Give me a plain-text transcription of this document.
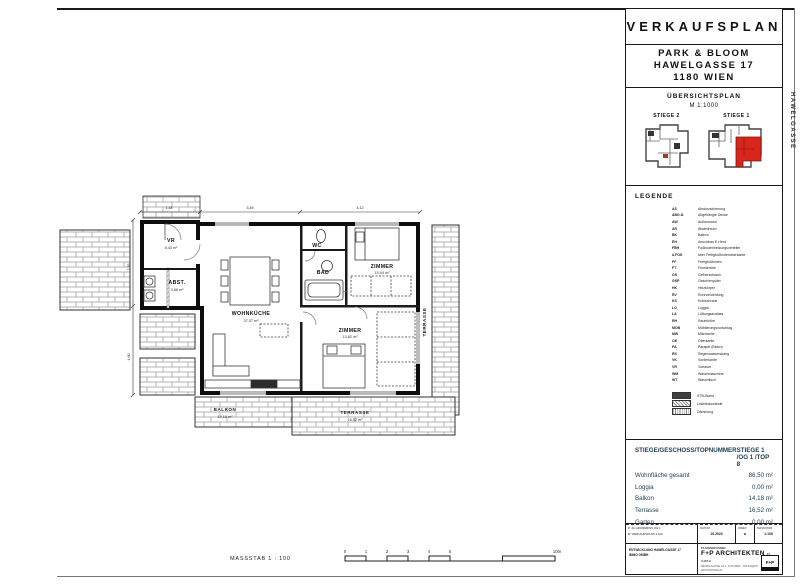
BALKON
14,18 m²
TERRASSE
16,52 m²
TERRASSE
WOHNKÜCHE
37,57 m²
ZIMMER
15,94 m²
ZIMMER
13,82 m²
BAD
WC
VR
8,43 m²
ABST.
3,86 m²
1,48	3,49	4,12
2,35
4,60
MASSSTAB 1 : 100
0	1	2	3	4	5	10m
VERKAUFSPLAN
PARK & BLOOM
HAWELGASSE 17
1180 WIEN
ÜBERSICHTSPLAN
M 1:1000
STIEGE 2	STIEGE 1
LEGENDE
AS	Absturzsicherung
ABG.D.	Abgehängte Decke
AW	Außenwand
AR	Abstellraum
BK	Balkon
EH	Anschluss E-Herd
FBH	Fußbodenheizungsverteiler
ü.FOK	über Fertigfußbodenoberkante
FF	Fertigfußboden
FT	Fenstertüre
GS	Gefrierschrank
GSP	Geschirrspüler
HK	Heizkörper
RV	Rohrverkleidung
KS	Kühlschrank
LO	Loggia
LA	Lüftungsauslass
RH	Raumhöhe
MOB	Möblierungsvorschlag
MW	Mikrowelle
OK	Oberkante
PA	Parapet (Beton)
RS	Regenwasserstrang
VK	Vorderkante
VR	Vorraum
WM	Waschmaschine
WT	Waschtisch
STB-Wand
Leichtbauwände
Dämmung
STIEGE/GESCHOSS/TOPNUMMER STIEGE 1 /OG 1 /TOP 8
Wohnfläche gesamt	86,50 m²
Loggia	0,00 m²
Balkon	14,18 m²
Terrasse	16,52 m²
Garten	0,00 m²
P: 41 GRUNDRISS OG 1
B: VERKAUFSPLAN 1:100
DATUM
10.2023
INDEX
a
MASSSTAB
1:100
ENTWICKLUNG HAWELGASSE 17
IMMO GMBH
PLANVERFASSER
F+P ARCHITEKTEN ZT GMBH
NEUBAUGASSE 12/4 · 1070 WIEN · OFFICE@FP-ARCHITEKTEN.AT
F+P
HAWELGASSE
